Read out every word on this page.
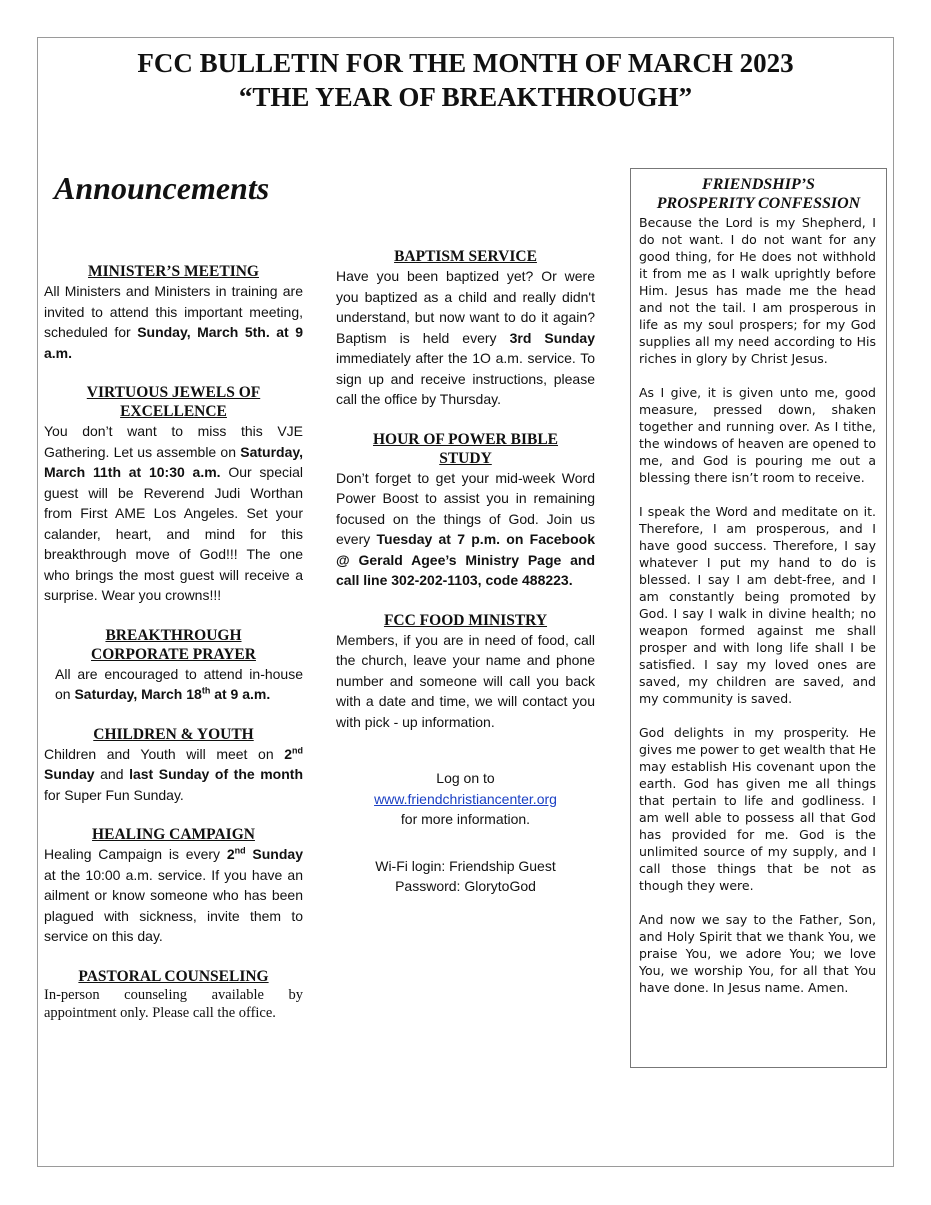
FCC BULLETIN FOR THE MONTH OF MARCH 2023
“THE YEAR OF BREAKTHROUGH”
Announcements
MINISTER’S MEETING

All Ministers and Ministers in training are invited to attend this important meeting, scheduled for Sunday, March 5th. at 9 a.m.

VIRTUOUS JEWELS OF EXCELLENCE

You don’t want to miss this VJE Gathering. Let us assemble on Saturday, March 11th at 10:30 a.m. Our special guest will be Reverend Judi Worthan from First AME Los Angeles. Set your calander, heart, and mind for this breakthrough move of God!!! The one who brings the most guest will receive a surprise. Wear you crowns!!!

BREAKTHROUGH
CORPORATE PRAYER

All are encouraged to attend in-house on Saturday, March 18th at 9 a.m.

CHILDREN & YOUTH

Children and Youth will meet on 2nd Sunday and last Sunday of the month for Super Fun Sunday.

HEALING CAMPAIGN

Healing Campaign is every 2nd Sunday at the 10:00 a.m. service. If you have an ailment or know someone who has been plagued with sickness, invite them to service on this day.

PASTORAL COUNSELING

In-person counseling available by appointment only. Please call the office.

BAPTISM SERVICE

Have you been baptized yet? Or were you baptized as a child and really didn't understand, but now want to do it again? Baptism is held every 3rd Sunday immediately after the 1O a.m. service. To sign up and receive instructions, please call the office by Thursday.

HOUR OF POWER BIBLE
STUDY

Don’t forget to get your mid-week Word Power Boost to assist you in remaining focused on the things of God. Join us every Tuesday at 7 p.m. on Facebook @ Gerald Agee’s Ministry Page and call line 302-202-1103, code 488223.

FCC FOOD MINISTRY

Members, if you are in need of food, call the church, leave your name and phone number and someone will call you back with a date and time, we will contact you with pick - up information.

Log on to
www.friendchristiancenter.org
for more information.
Wi-Fi login: Friendship Guest
Password: GlorytoGod
FRIENDSHIP’S
PROSPERITY CONFESSION

Because the Lord is my Shepherd, I do not want. I do not want for any good thing, for He does not withhold it from me as I walk uprightly before Him. Jesus has made me the head and not the tail. I am prosperous in life as my soul prospers; for my God supplies all my need according to His riches in glory by Christ Jesus.

As I give, it is given unto me, good measure, pressed down, shaken together and running over. As I tithe, the windows of heaven are opened to me, and God is pouring me out a blessing there isn’t room to receive.

I speak the Word and meditate on it. Therefore, I am prosperous, and I have good success. Therefore, I say whatever I put my hand to do is blessed. I say I am debt-free, and I am constantly being promoted by God. I say I walk in divine health; no weapon formed against me shall prosper and with long life shall I be satisfied. I say my loved ones are saved, my children are saved, and my community is saved.

God delights in my prosperity. He gives me power to get wealth that He may establish His covenant upon the earth. God has given me all things that pertain to life and godliness. I am well able to possess all that God has provided for me. God is the unlimited source of my supply, and I call those things that be not as though they were.

And now we say to the Father, Son, and Holy Spirit that we thank You, we praise You, we adore You; we love You, we worship You, for all that You have done. In Jesus name. Amen.
